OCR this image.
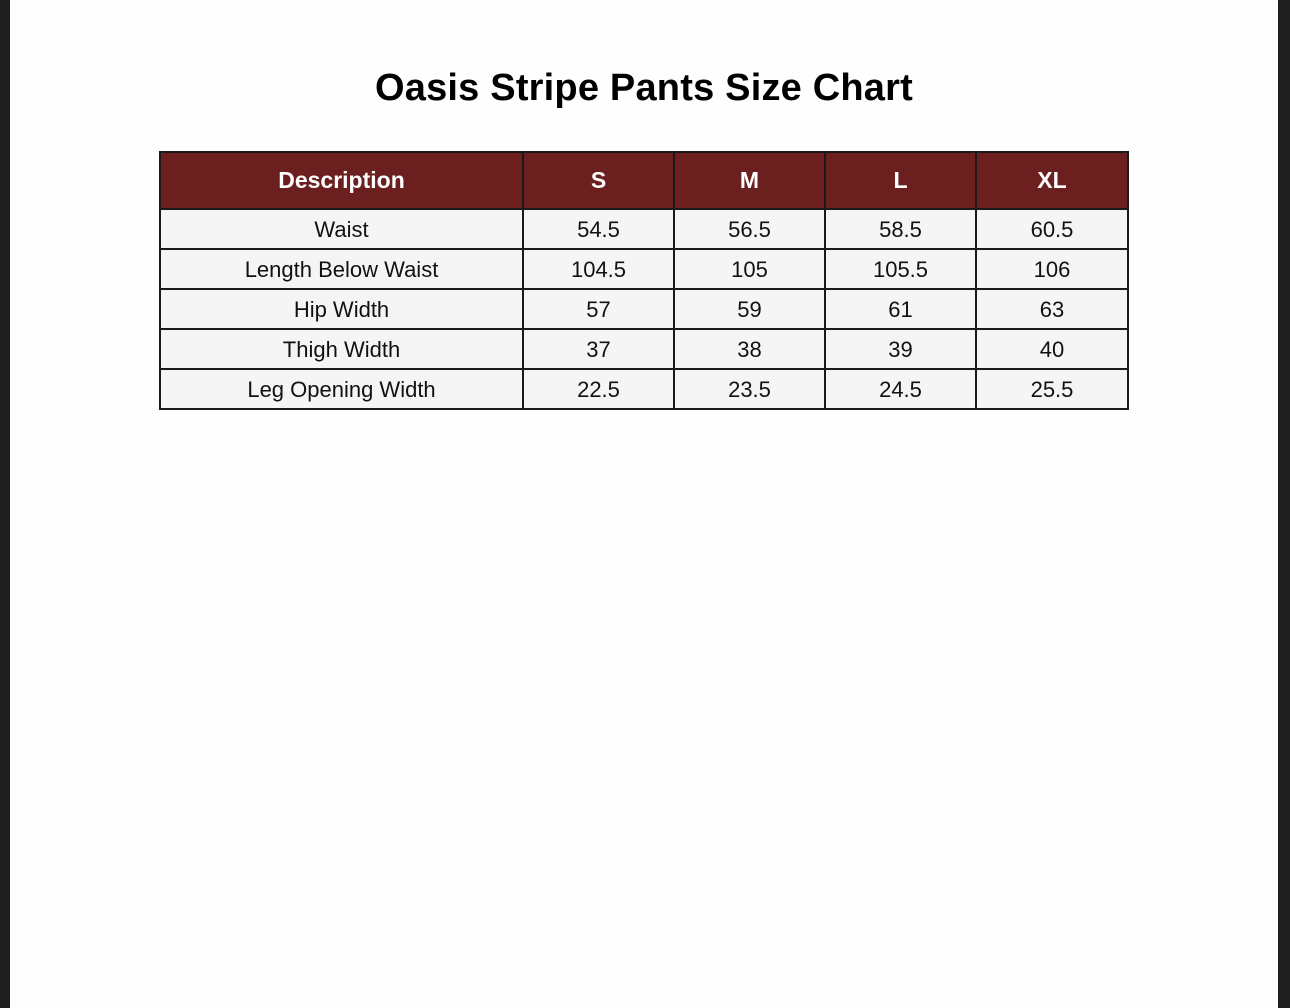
Oasis Stripe Pants Size Chart
Description	S	M	L	XL
Waist	54.5	56.5	58.5	60.5
Length Below Waist	104.5	105	105.5	106
Hip Width	57	59	61	63
Thigh Width	37	38	39	40
Leg Opening Width	22.5	23.5	24.5	25.5
